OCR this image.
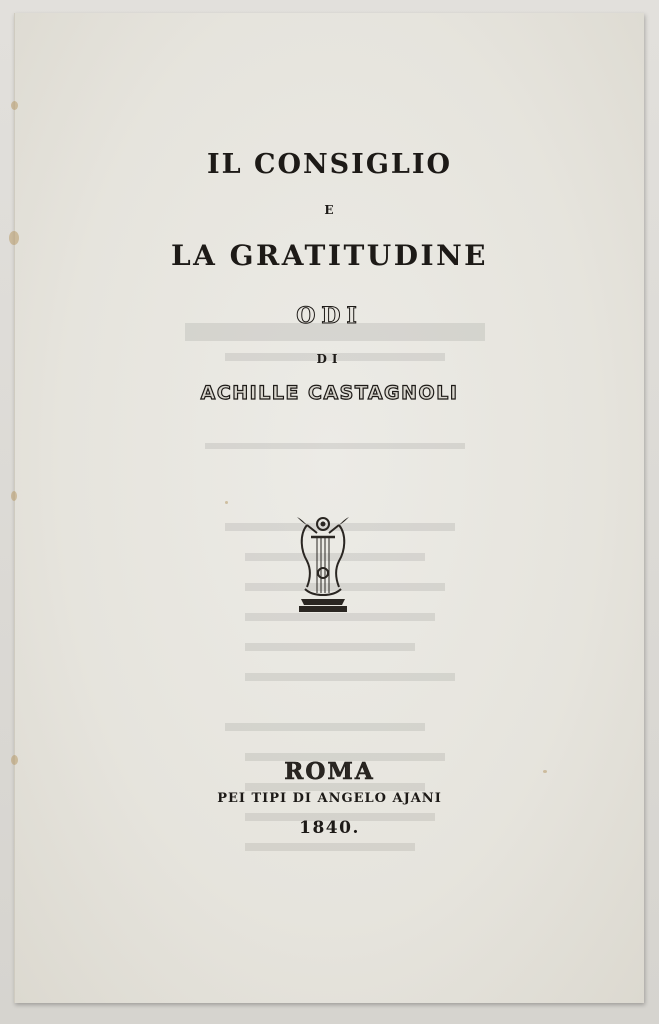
IL CONSIGLIO
E
LA GRATITUDINE
ODI
DI
ACHILLE CASTAGNOLI
ROMA
PEI TIPI DI ANGELO AJANI
1840.
